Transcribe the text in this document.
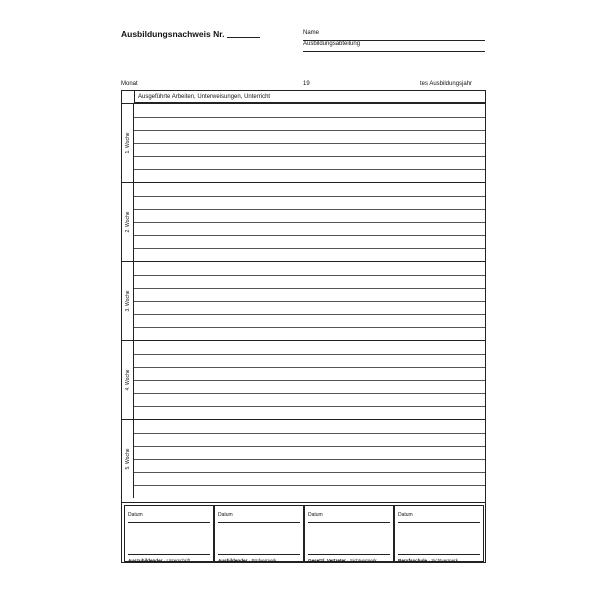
Ausbildungsnachweis Nr.	Name
Ausbildungsabteilung
Monat	19	tes Ausbildungsjahr
Ausgeführte Arbeiten, Unterweisungen, Unterricht
1. Woche
2. Woche
3. Woche
4. Woche
5. Woche
Datum
Auszubildender · Unterschrift
Datum
Ausbildender · Prüfvermerk
Datum
Gesetzl. Vertreter · Sichtvermerk
Datum
Berufsschule · Sichtvermerk
